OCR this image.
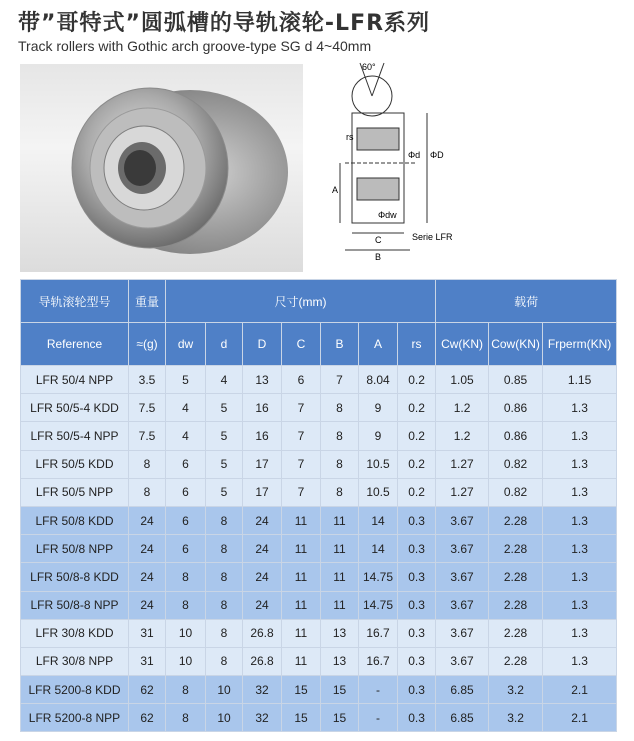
带”哥特式”圆弧槽的导轨滚轮-LFR系列
Track rollers with Gothic arch groove-type SG d 4~40mm
60°
rs
Φd ΦD
A
Φdw
C
B
Serie LFR
导轨滚轮型号	重量	尺寸(mm)							载荷		
Reference	≈(g)	dw	d	D	C	B	A	rs	Cw(KN)	Cow(KN)	Frperm(KN)
LFR 50/4 NPP	3.5	5	4	13	6	7	8.04	0.2	1.05	0.85	1.15
LFR 50/5-4 KDD	7.5	4	5	16	7	8	9	0.2	1.2	0.86	1.3
LFR 50/5-4 NPP	7.5	4	5	16	7	8	9	0.2	1.2	0.86	1.3
LFR 50/5 KDD	8	6	5	17	7	8	10.5	0.2	1.27	0.82	1.3
LFR 50/5 NPP	8	6	5	17	7	8	10.5	0.2	1.27	0.82	1.3
LFR 50/8 KDD	24	6	8	24	11	11	14	0.3	3.67	2.28	1.3
LFR 50/8 NPP	24	6	8	24	11	11	14	0.3	3.67	2.28	1.3
LFR 50/8-8 KDD	24	8	8	24	11	11	14.75	0.3	3.67	2.28	1.3
LFR 50/8-8 NPP	24	8	8	24	11	11	14.75	0.3	3.67	2.28	1.3
LFR 30/8 KDD	31	10	8	26.8	11	13	16.7	0.3	3.67	2.28	1.3
LFR 30/8 NPP	31	10	8	26.8	11	13	16.7	0.3	3.67	2.28	1.3
LFR 5200-8 KDD	62	8	10	32	15	15	-	0.3	6.85	3.2	2.1
LFR 5200-8 NPP	62	8	10	32	15	15	-	0.3	6.85	3.2	2.1
